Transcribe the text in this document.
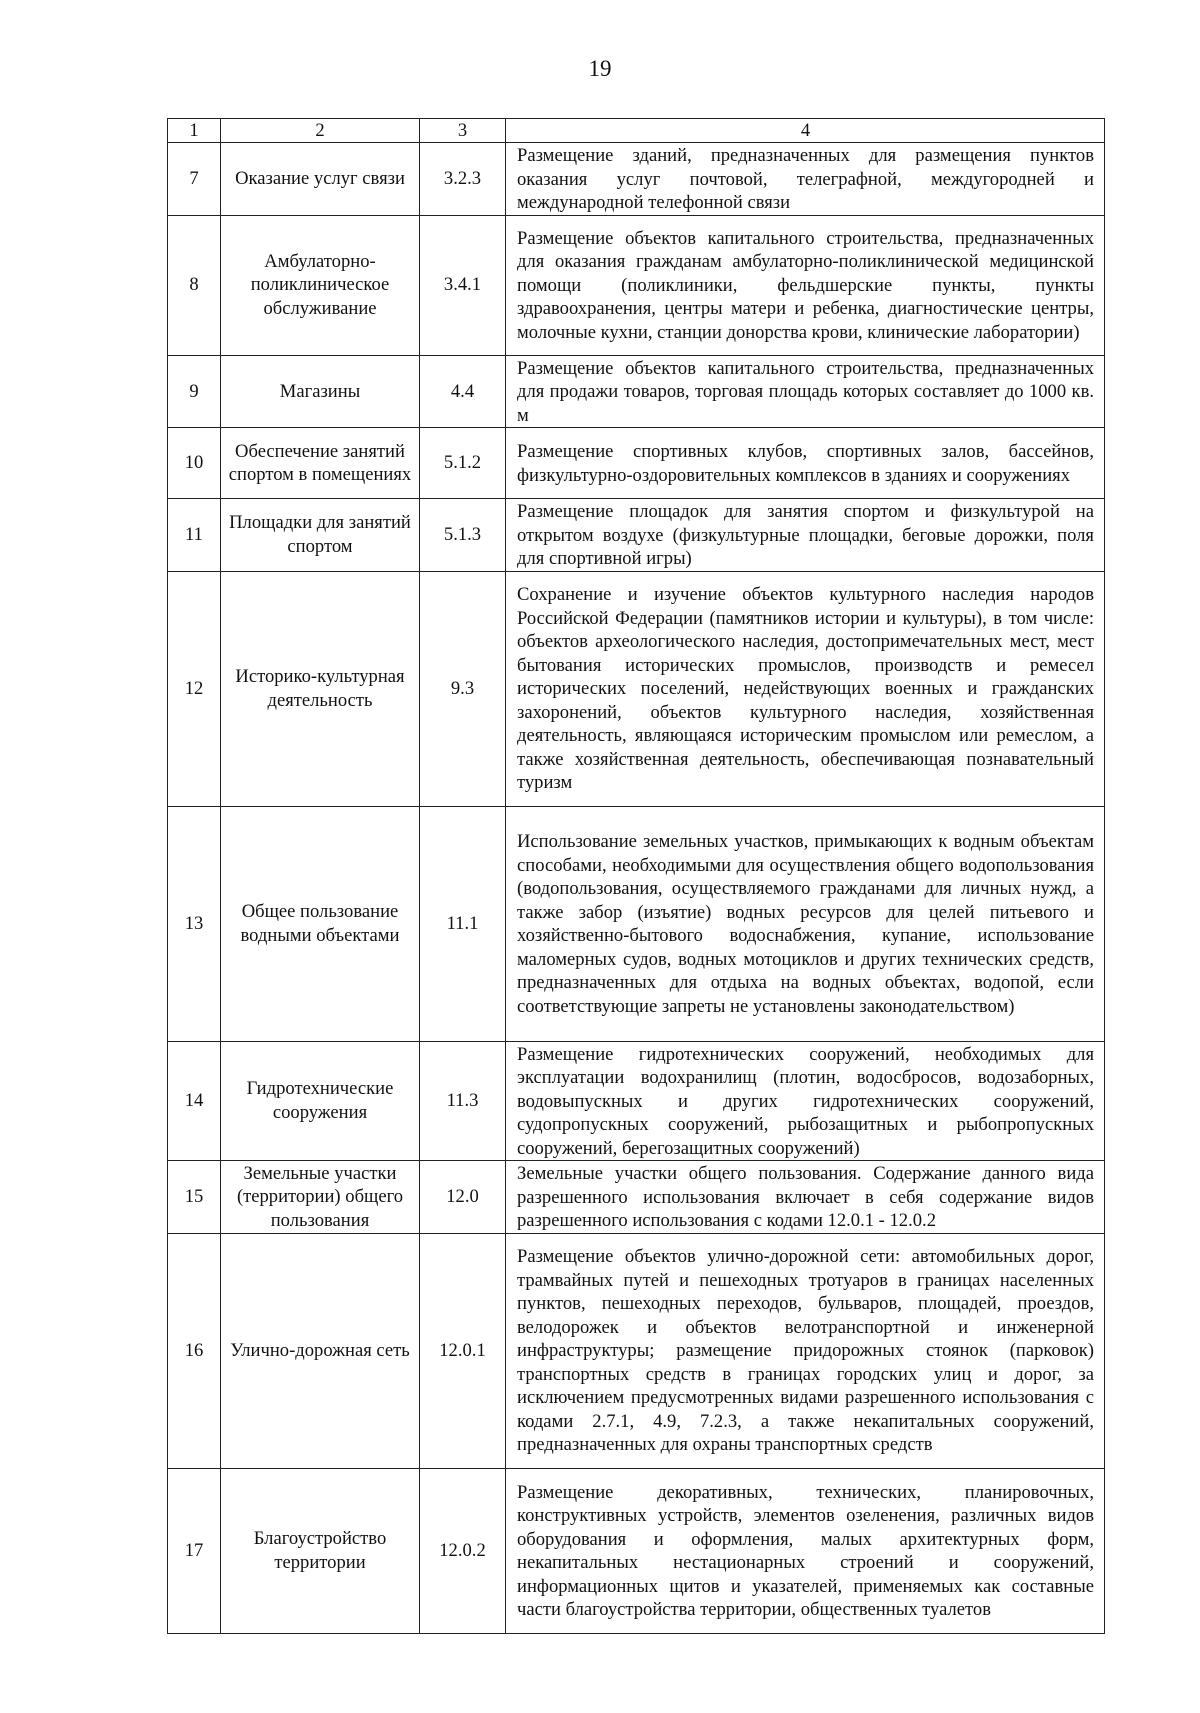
19
1	2	3	4
7	Оказание услуг связи	3.2.3	Размещение зданий, предназначенных для размещения пунктов оказания услуг почтовой, телеграфной, междугородней и международной телефонной связи
8	Амбулаторно-поликлиническое обслуживание	3.4.1	Размещение объектов капитального строительства, предназначенных для оказания гражданам амбулаторно-поликлинической медицинской помощи (поликлиники, фельдшерские пункты, пункты здравоохранения, центры матери и ребенка, диагностические центры, молочные кухни, станции донорства крови, клинические лаборатории)
9	Магазины	4.4	Размещение объектов капитального строительства, предназначенных для продажи товаров, торговая площадь которых составляет до 1000 кв. м
10	Обеспечение занятий спортом в помещениях	5.1.2	Размещение спортивных клубов, спортивных залов, бассейнов, физкультурно-оздоровительных комплексов в зданиях и сооружениях
11	Площадки для занятий спортом	5.1.3	Размещение площадок для занятия спортом и физкультурой на открытом воздухе (физкультурные площадки, беговые дорожки, поля для спортивной игры)
12	Историко-культурная деятельность	9.3	Сохранение и изучение объектов культурного наследия народов Российской Федерации (памятников истории и культуры), в том числе: объектов археологического наследия, достопримечательных мест, мест бытования исторических промыслов, производств и ремесел исторических поселений, недействующих военных и гражданских захоронений, объектов культурного наследия, хозяйственная деятельность, являющаяся историческим промыслом или ремеслом, а также хозяйственная деятельность, обеспечивающая познавательный туризм
13	Общее пользование водными объектами	11.1	Использование земельных участков, примыкающих к водным объектам способами, необходимыми для осуществления общего водопользования (водопользования, осуществляемого гражданами для личных нужд, а также забор (изъятие) водных ресурсов для целей питьевого и хозяйственно-бытового водоснабжения, купание, использование маломерных судов, водных мотоциклов и других технических средств, предназначенных для отдыха на водных объектах, водопой, если соответствующие запреты не установлены законодательством)
14	Гидротехнические сооружения	11.3	Размещение гидротехнических сооружений, необходимых для эксплуатации водохранилищ (плотин, водосбросов, водозаборных, водовыпускных и других гидротехнических сооружений, судопропускных сооружений, рыбозащитных и рыбопропускных сооружений, берегозащитных сооружений)
15	Земельные участки (территории) общего пользования	12.0	Земельные участки общего пользования. Содержание данного вида разрешенного использования включает в себя содержание видов разрешенного использования с кодами 12.0.1 - 12.0.2
16	Улично-дорожная сеть	12.0.1	Размещение объектов улично-дорожной сети: автомобильных дорог, трамвайных путей и пешеходных тротуаров в границах населенных пунктов, пешеходных переходов, бульваров, площадей, проездов, велодорожек и объектов велотранспортной и инженерной инфраструктуры; размещение придорожных стоянок (парковок) транспортных средств в границах городских улиц и дорог, за исключением предусмотренных видами разрешенного использования с кодами 2.7.1, 4.9, 7.2.3, а также некапитальных сооружений, предназначенных для охраны транспортных средств
17	Благоустройство территории	12.0.2	Размещение декоративных, технических, планировочных, конструктивных устройств, элементов озеленения, различных видов оборудования и оформления, малых архитектурных форм, некапитальных нестационарных строений и сооружений, информационных щитов и указателей, применяемых как составные части благоустройства территории, общественных туалетов
